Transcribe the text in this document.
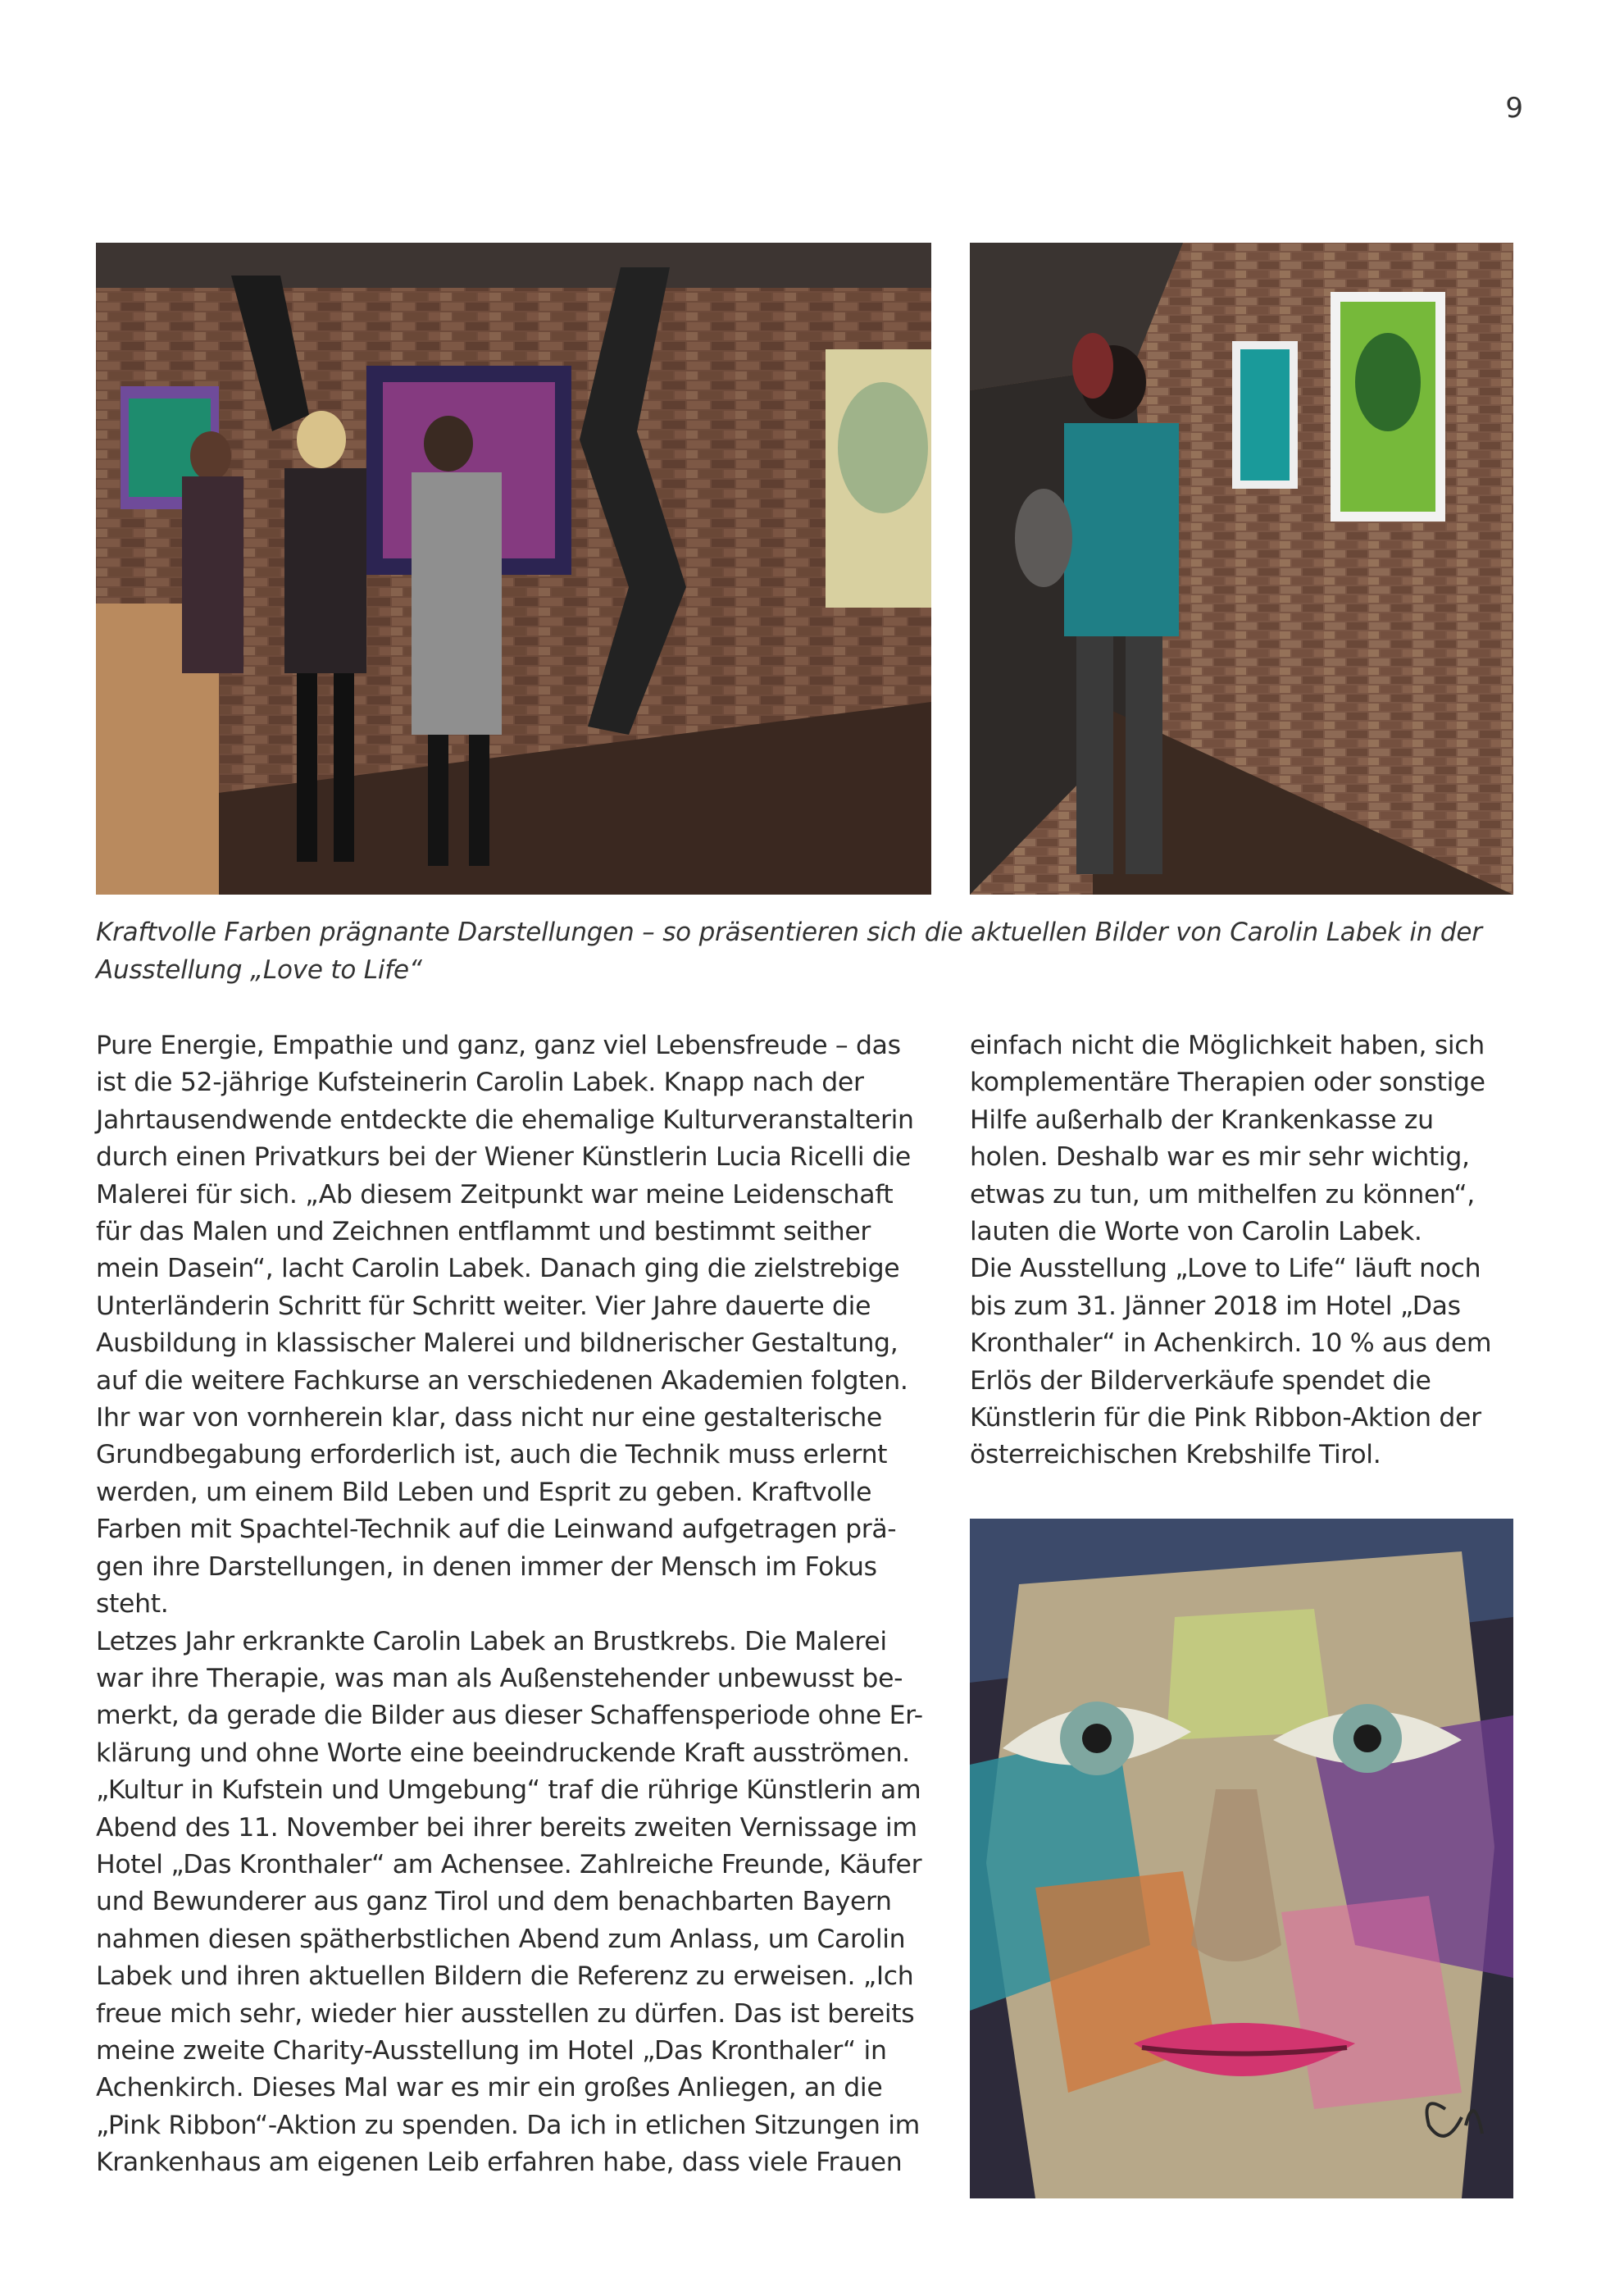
9
Kraftvolle Farben prägnante Darstellungen – so präsentieren sich die aktuellen Bilder von Carolin Labek in der
Ausstellung „Love to Life“
Pure Energie, Empathie und ganz, ganz viel Lebensfreude – das
ist die 52-jährige Kufsteinerin Carolin Labek. Knapp nach der
Jahrtausendwende entdeckte die ehemalige Kulturveranstalterin
durch einen Privatkurs bei der Wiener Künstlerin Lucia Ricelli die
Malerei für sich. „Ab diesem Zeitpunkt war meine Leidenschaft
für das Malen und Zeichnen entflammt und bestimmt seither
mein Dasein“, lacht Carolin Labek. Danach ging die zielstrebige
Unterländerin Schritt für Schritt weiter. Vier Jahre dauerte die
Ausbildung in klassischer Malerei und bildnerischer Gestaltung,
auf die weitere Fachkurse an verschiedenen Akademien folgten.
Ihr war von vornherein klar, dass nicht nur eine gestalterische
Grundbegabung erforderlich ist, auch die Technik muss erlernt
werden, um einem Bild Leben und Esprit zu geben. Kraftvolle
Farben mit Spachtel-Technik auf die Leinwand aufgetragen prä-
gen ihre Darstellungen, in denen immer der Mensch im Fokus
steht.
Letzes Jahr erkrankte Carolin Labek an Brustkrebs. Die Malerei
war ihre Therapie, was man als Außenstehender unbewusst be-
merkt, da gerade die Bilder aus dieser Schaffensperiode ohne Er-
klärung und ohne Worte eine beeindruckende Kraft ausströmen.
„Kultur in Kufstein und Umgebung“ traf die rührige Künstlerin am
Abend des 11. November bei ihrer bereits zweiten Vernissage im
Hotel „Das Kronthaler“ am Achensee. Zahlreiche Freunde, Käufer
und Bewunderer aus ganz Tirol und dem benachbarten Bayern
nahmen diesen spätherbstlichen Abend zum Anlass, um Carolin
Labek und ihren aktuellen Bildern die Referenz zu erweisen. „Ich
freue mich sehr, wieder hier ausstellen zu dürfen. Das ist bereits
meine zweite Charity-Ausstellung im Hotel „Das Kronthaler“ in
Achenkirch. Dieses Mal war es mir ein großes Anliegen, an die
„Pink Ribbon“-Aktion zu spenden. Da ich in etlichen Sitzungen im
Krankenhaus am eigenen Leib erfahren habe, dass viele Frauen
einfach nicht die Möglichkeit haben, sich
komplementäre Therapien oder sonstige
Hilfe außerhalb der Krankenkasse zu
holen. Deshalb war es mir sehr wichtig,
etwas zu tun, um mithelfen zu können“,
lauten die Worte von Carolin Labek.
Die Ausstellung „Love to Life“ läuft noch
bis zum 31. Jänner 2018 im Hotel „Das
Kronthaler“ in Achenkirch. 10 % aus dem
Erlös der Bilderverkäufe spendet die
Künstlerin für die Pink Ribbon-Aktion der
österreichischen Krebshilfe Tirol.
